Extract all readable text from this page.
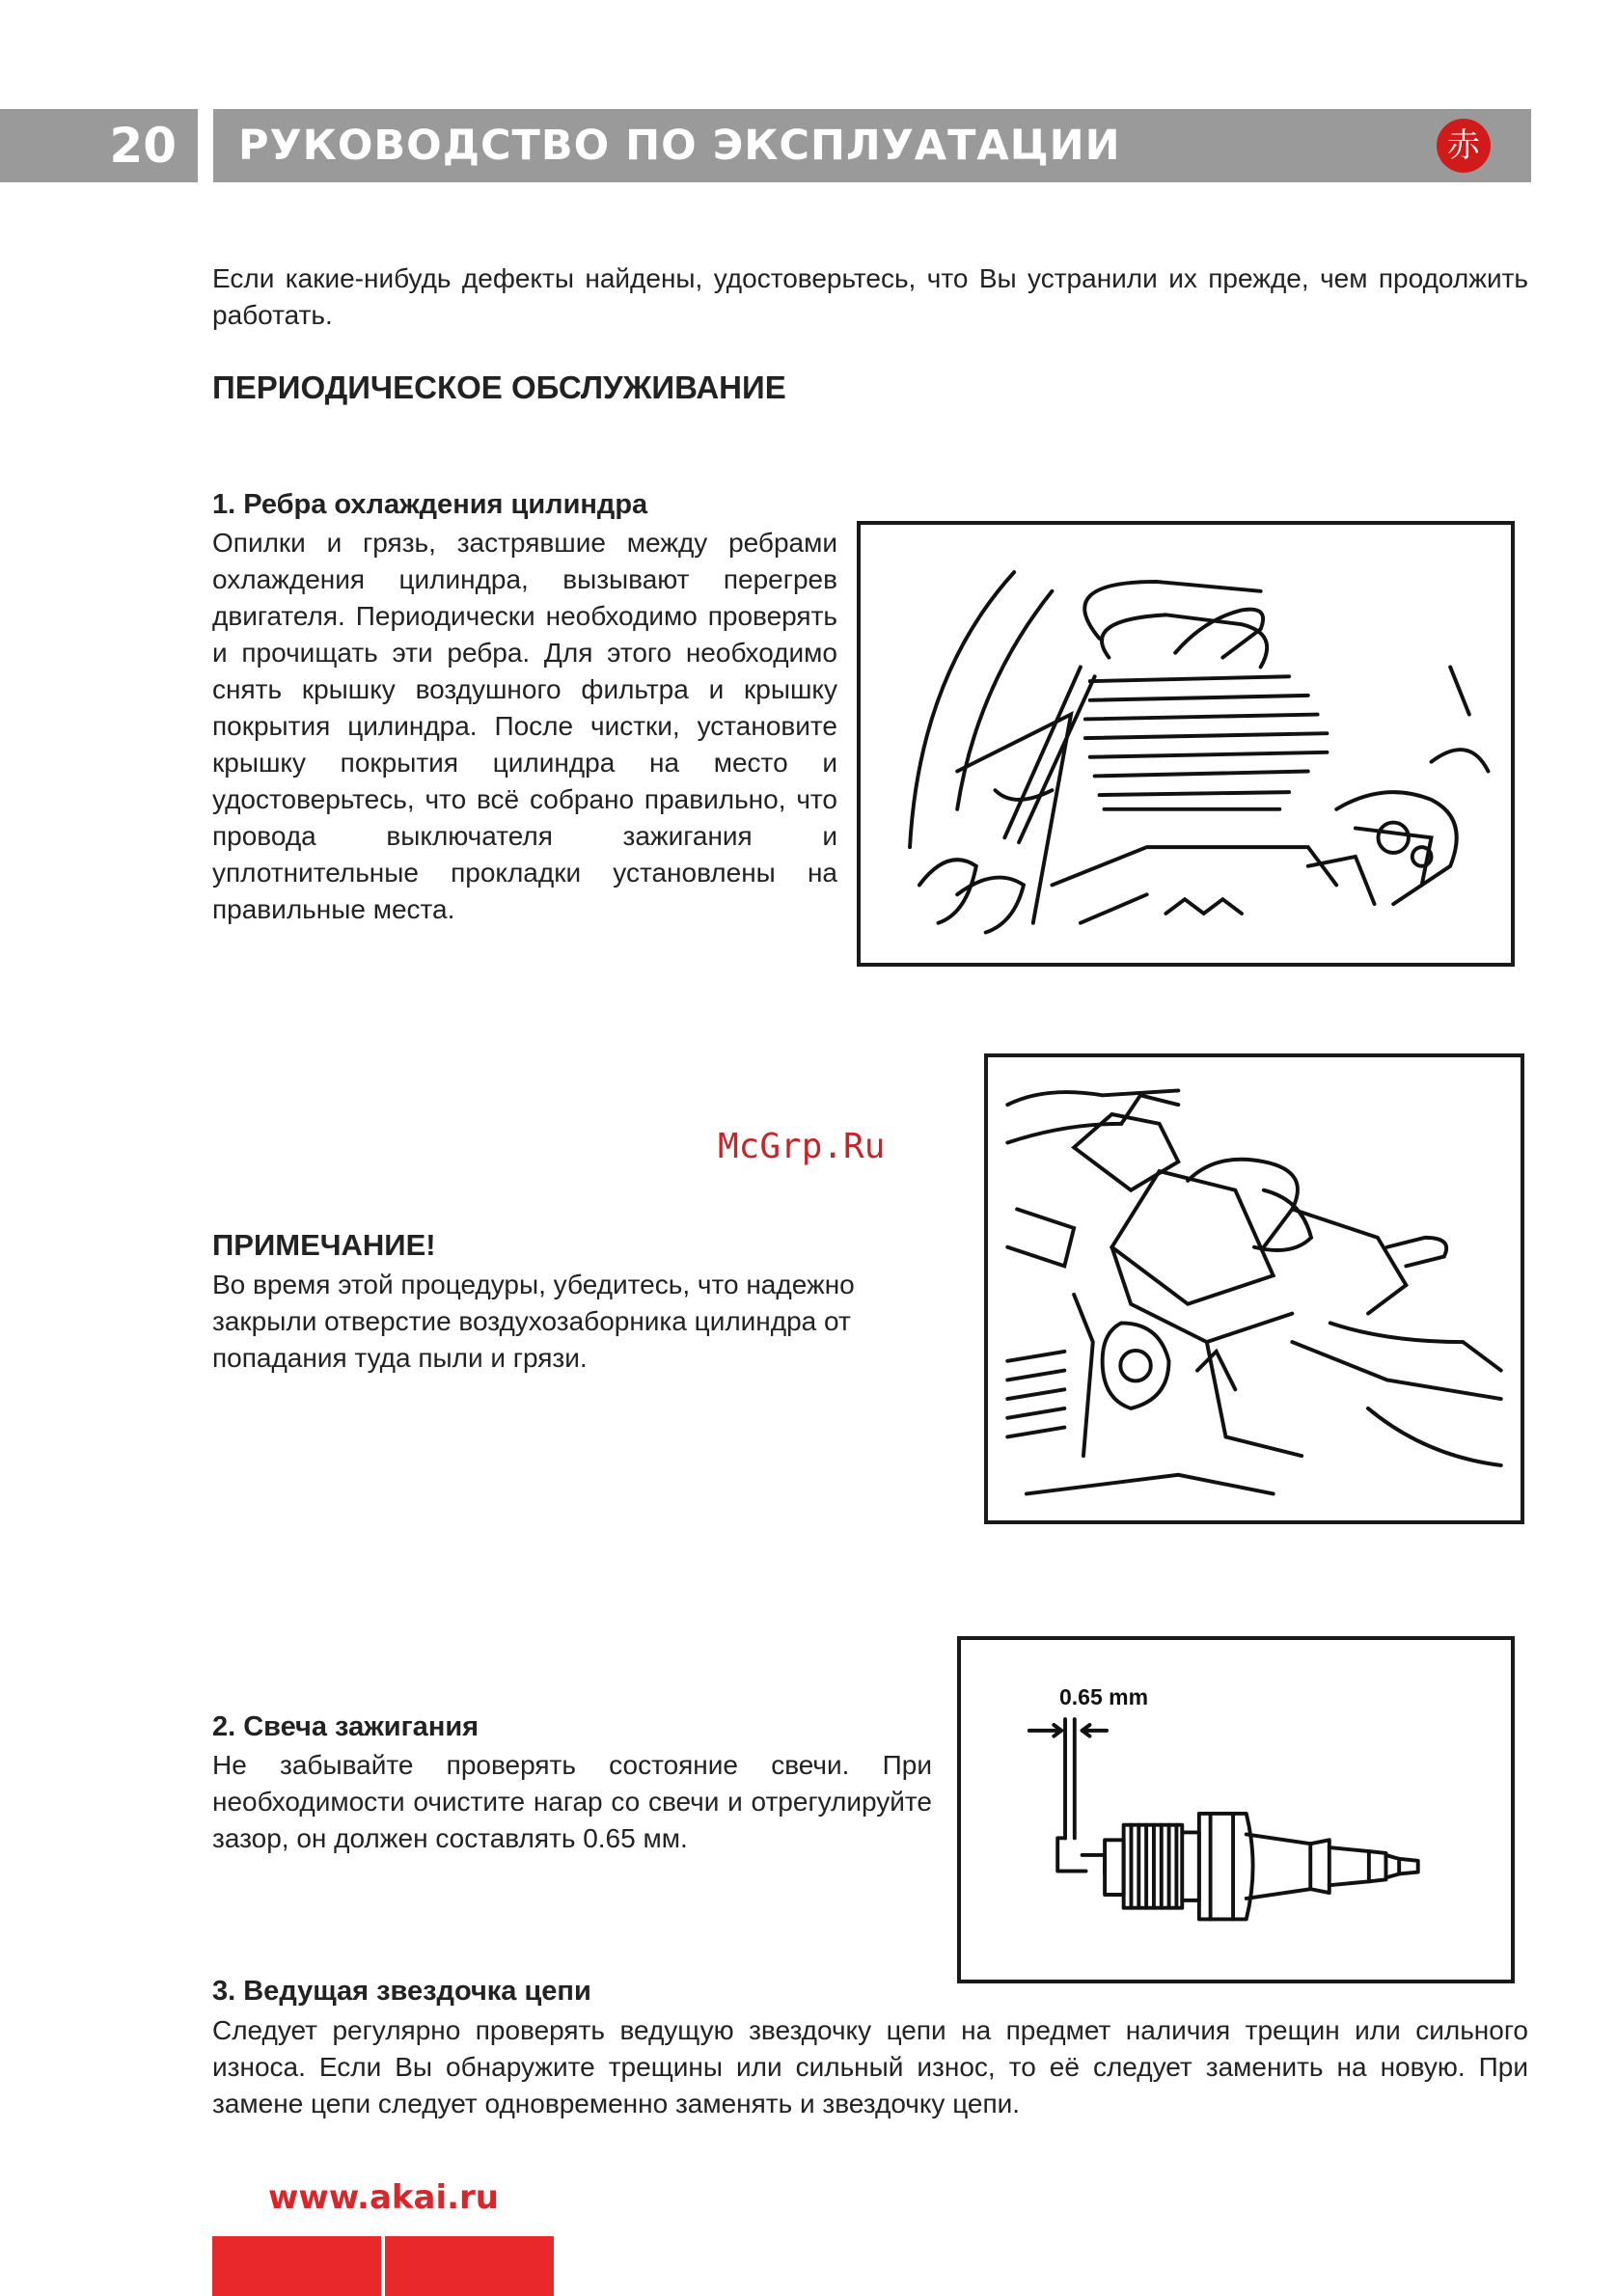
20	РУКОВОДСТВО ПО ЭКСПЛУАТАЦИИ	赤
Если какие-нибудь дефекты найдены, удостоверьтесь, что Вы устранили их прежде, чем продолжить работать.
ПЕРИОДИЧЕСКОЕ ОБСЛУЖИВАНИЕ
1. Ребра охлаждения цилиндра
Опилки и грязь, застрявшие между ребрами охлаждения цилиндра, вызывают перегрев двигателя. Периодически необходимо проверять и прочищать эти ребра. Для этого необходимо снять крышку воздушного фильтра и крышку покрытия цилиндра. После чистки, установите крышку покрытия цилиндра на место и удостоверьтесь, что всё собрано правильно, что провода выключателя зажигания и уплотнительные прокладки установлены на правильные места.
McGrp.Ru
ПРИМЕЧАНИЕ!
Во время этой процедуры, убедитесь, что надежно закрыли отверстие воздухозаборника цилиндра от попадания туда пыли и грязи.
2. Свеча зажигания
Не забывайте проверять состояние свечи. При необходимости очистите нагар со свечи и отрегулируйте зазор, он должен составлять 0.65 мм.
0.65 mm
3. Ведущая звездочка цепи
Следует регулярно проверять ведущую звездочку цепи на предмет наличия трещин или сильного износа. Если Вы обнаружите трещины или сильный износ, то её следует заменить на новую. При замене цепи следует одновременно заменять и звездочку цепи.
www.akai.ru
